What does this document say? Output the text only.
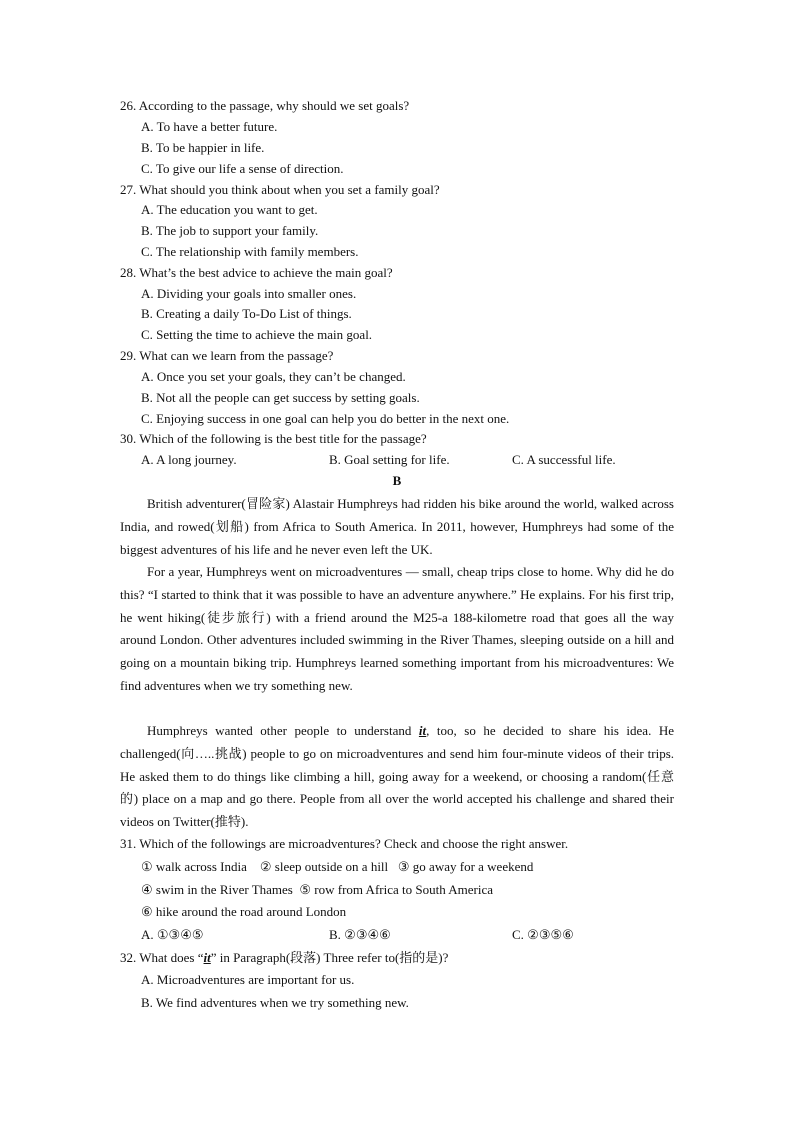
26. According to the passage, why should we set goals?
A. To have a better future.
B. To be happier in life.
C. To give our life a sense of direction.
27. What should you think about when you set a family goal?
A. The education you want to get.
B. The job to support your family.
C. The relationship with family members.
28. What’s the best advice to achieve the main goal?
A. Dividing your goals into smaller ones.
B. Creating a daily To-Do List of things.
C. Setting the time to achieve the main goal.
29. What can we learn from the passage?
A. Once you set your goals, they can’t be changed.
B. Not all the people can get success by setting goals.
C. Enjoying success in one goal can help you do better in the next one.
30. Which of the following is the best title for the passage?
A. A long journey.	B. Goal setting for life.	C. A successful life.
B

British adventurer(冒险家) Alastair Humphreys had ridden his bike around the world, walked across India, and rowed(划船) from Africa to South America. In 2011, however, Humphreys had some of the biggest adventures of his life and he never even left the UK.

For a year, Humphreys went on microadventures — small, cheap trips close to home. Why did he do this? “I started to think that it was possible to have an adventure anywhere.” He explains. For his first trip, he went hiking(徒步旅行) with a friend around the M25-a 188-kilometre road that goes all the way around London. Other adventures included swimming in the River Thames, sleeping outside on a hill and going on a mountain biking trip. Humphreys learned something important from his microadventures: We find adventures when we try something new.

Humphreys wanted other people to understand it, too, so he decided to share his idea. He challenged(向…..挑战) people to go on microadventures and send him four-minute videos of their trips. He asked them to do things like climbing a hill, going away for a weekend, or choosing a random(任意的) place on a map and go there. People from all over the world accepted his challenge and shared their videos on Twitter(推特).

31. Which of the followings are microadventures? Check and choose the right answer.
① walk across India ② sleep outside on a hill ③ go away for a weekend
④ swim in the River Thames ⑤ row from Africa to South America
⑥ hike around the road around London
A. ①③④⑤	B. ②③④⑥	C. ②③⑤⑥
32. What does “it” in Paragraph(段落) Three refer to(指的是)?
A. Microadventures are important for us.
B. We find adventures when we try something new.
